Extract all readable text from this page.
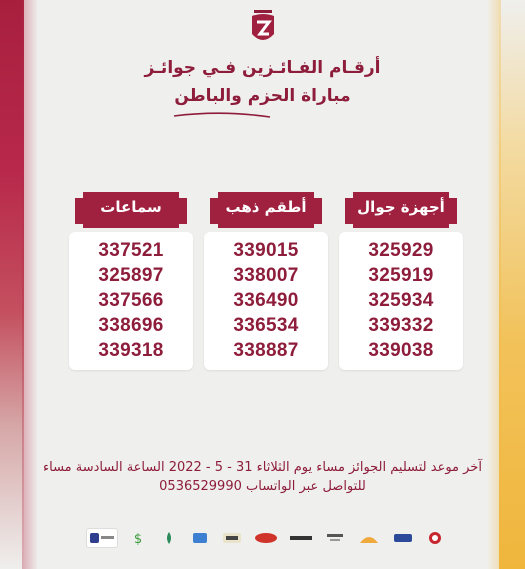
أرقـام الفـائـزين فـي جوائـز
مباراة الحزم والباطن
أجهزة جوال
325929
325919
325934
339332
339038
أطقم ذهب
339015
338007
336490
336534
338887
سماعات
337521
325897
337566
338696
339318
آخر موعد لتسليم الجوائز مساء يوم الثلاثاء 31 - 5 - 2022 الساعة السادسة مساء
للتواصل عبر الواتساب 0536529990
$
